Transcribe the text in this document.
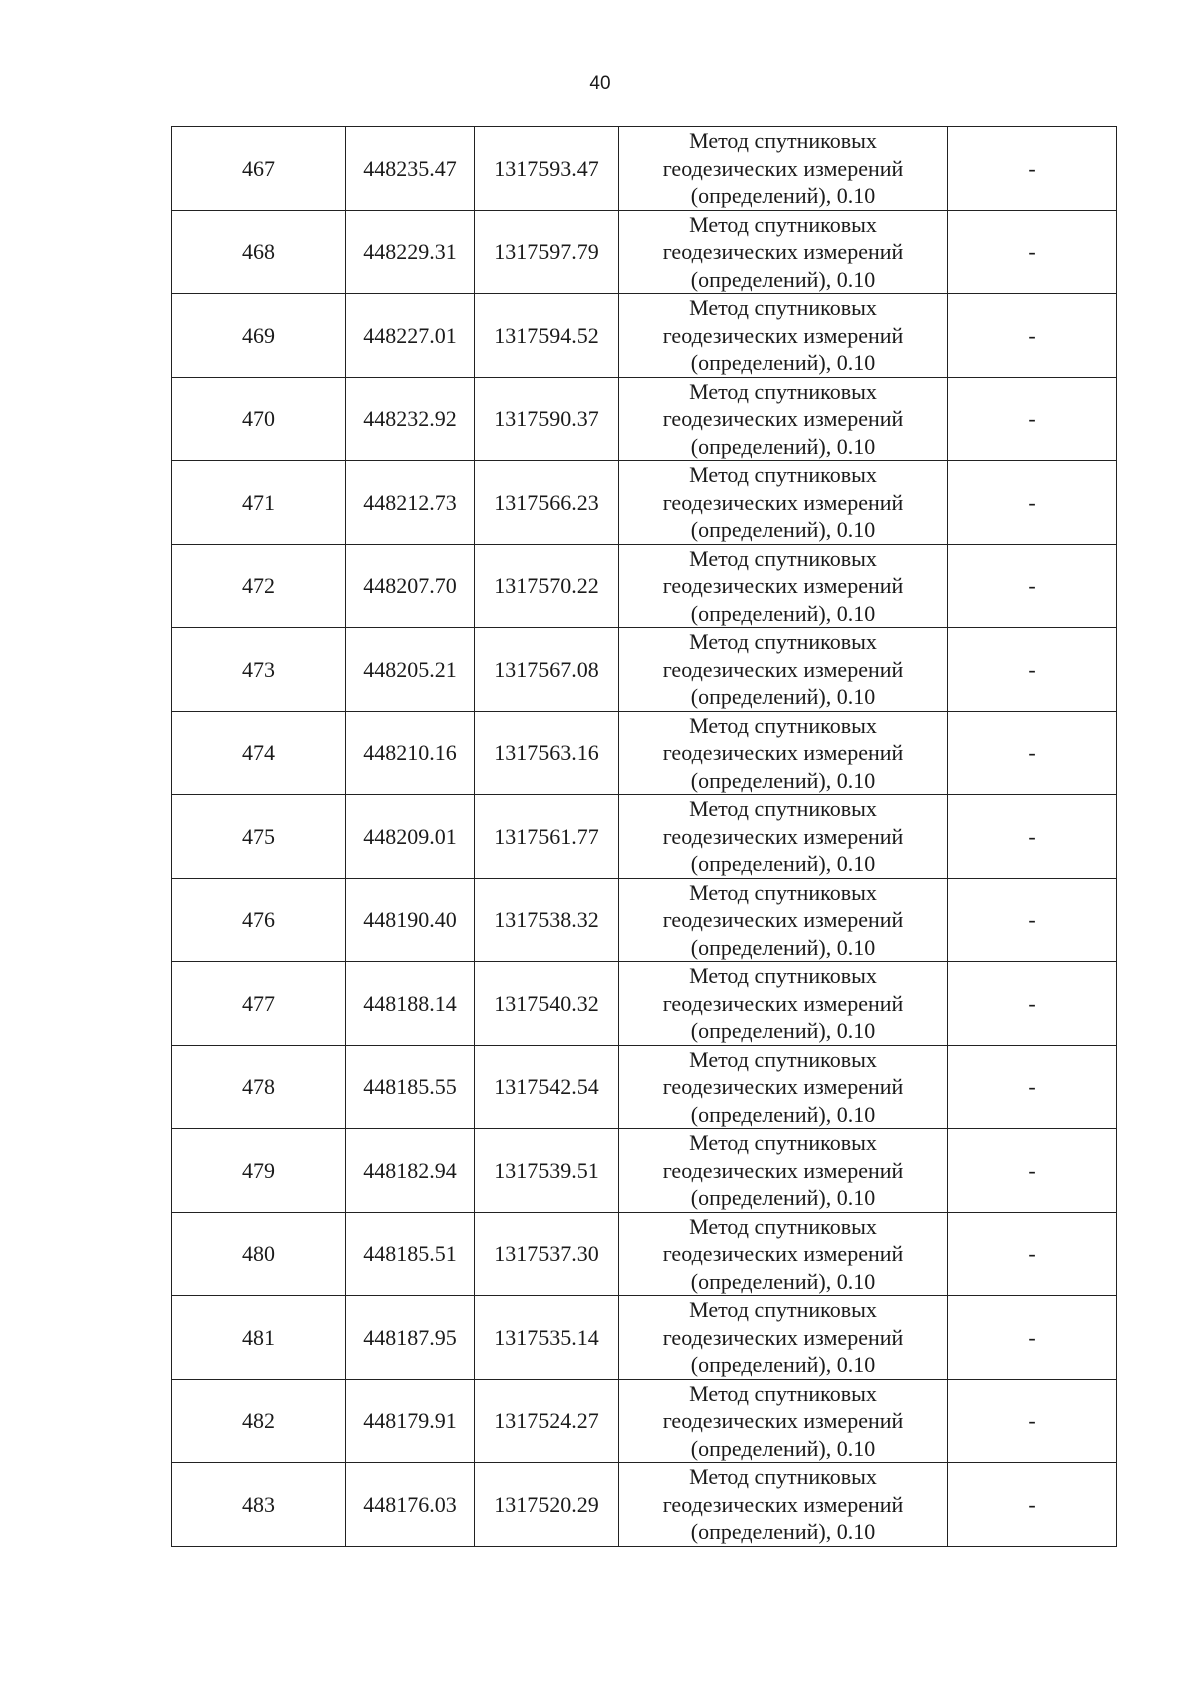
40
467	448235.47	1317593.47	Метод спутниковых
геодезических измерений
(определений), 0.10	-
468	448229.31	1317597.79	Метод спутниковых
геодезических измерений
(определений), 0.10	-
469	448227.01	1317594.52	Метод спутниковых
геодезических измерений
(определений), 0.10	-
470	448232.92	1317590.37	Метод спутниковых
геодезических измерений
(определений), 0.10	-
471	448212.73	1317566.23	Метод спутниковых
геодезических измерений
(определений), 0.10	-
472	448207.70	1317570.22	Метод спутниковых
геодезических измерений
(определений), 0.10	-
473	448205.21	1317567.08	Метод спутниковых
геодезических измерений
(определений), 0.10	-
474	448210.16	1317563.16	Метод спутниковых
геодезических измерений
(определений), 0.10	-
475	448209.01	1317561.77	Метод спутниковых
геодезических измерений
(определений), 0.10	-
476	448190.40	1317538.32	Метод спутниковых
геодезических измерений
(определений), 0.10	-
477	448188.14	1317540.32	Метод спутниковых
геодезических измерений
(определений), 0.10	-
478	448185.55	1317542.54	Метод спутниковых
геодезических измерений
(определений), 0.10	-
479	448182.94	1317539.51	Метод спутниковых
геодезических измерений
(определений), 0.10	-
480	448185.51	1317537.30	Метод спутниковых
геодезических измерений
(определений), 0.10	-
481	448187.95	1317535.14	Метод спутниковых
геодезических измерений
(определений), 0.10	-
482	448179.91	1317524.27	Метод спутниковых
геодезических измерений
(определений), 0.10	-
483	448176.03	1317520.29	Метод спутниковых
геодезических измерений
(определений), 0.10	-
